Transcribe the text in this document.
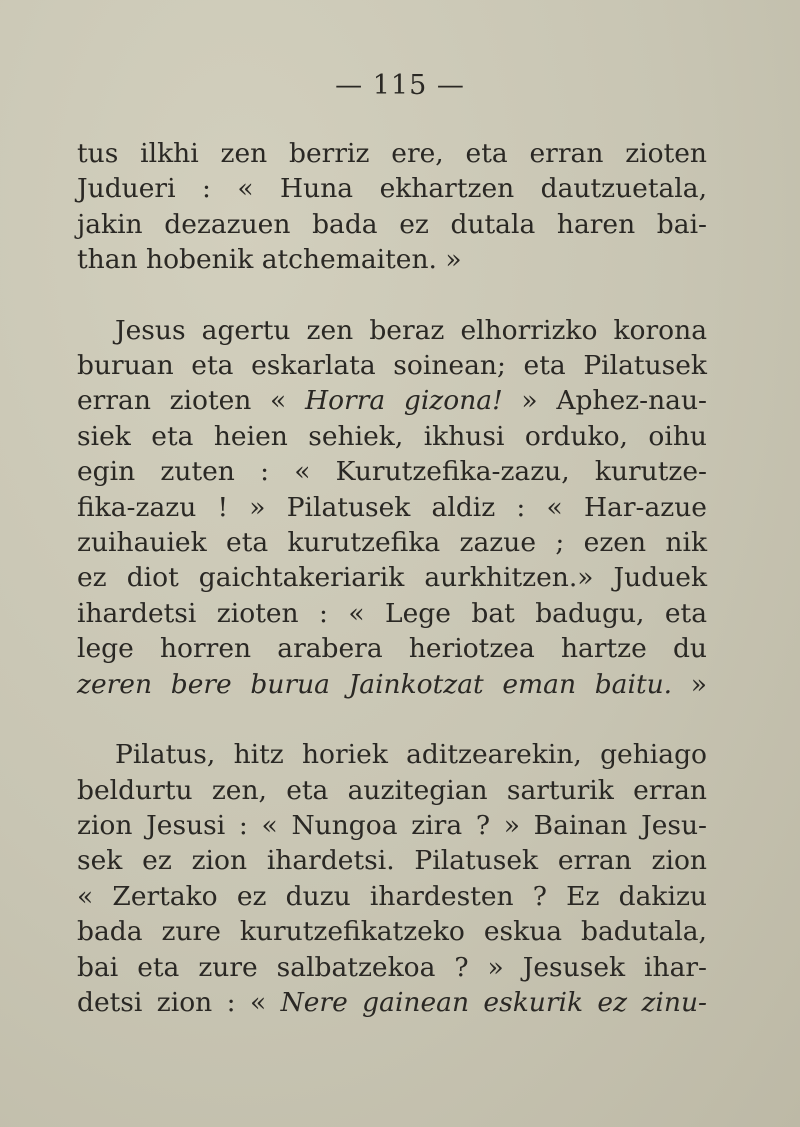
— 115 —

tus ilkhi zen berriz ere, eta erran zioten
Judueri : « Huna ekhartzen dautzuetala,
jakin dezazuen bada ez dutala haren bai-
than hobenik atchemaiten. »

Jesus agertu zen beraz elhorrizko korona
buruan eta eskarlata soinean; eta Pilatusek
erran zioten « Horra gizona! » Aphez-nau-
siek eta heien sehiek, ikhusi orduko, oihu
egin zuten : « Kurutzefika-zazu, kurutze-
fika-zazu ! » Pilatusek aldiz : « Har-azue
zuihauiek eta kurutzefika zazue ; ezen nik
ez diot gaichtakeriarik aurkhitzen.» Juduek
ihardetsi zioten : « Lege bat badugu, eta
lege horren arabera heriotzea hartze du
zeren bere burua Jainkotzat eman baitu. »

Pilatus, hitz horiek aditzearekin, gehiago
beldurtu zen, eta auzitegian sarturik erran
zion Jesusi : « Nungoa zira ? » Bainan Jesu-
sek ez zion ihardetsi. Pilatusek erran zion
« Zertako ez duzu ihardesten ? Ez dakizu
bada zure kurutzefikatzeko eskua badutala,
bai eta zure salbatzekoa ? » Jesusek ihar-
detsi zion : « Nere gainean eskurik ez zinu-
